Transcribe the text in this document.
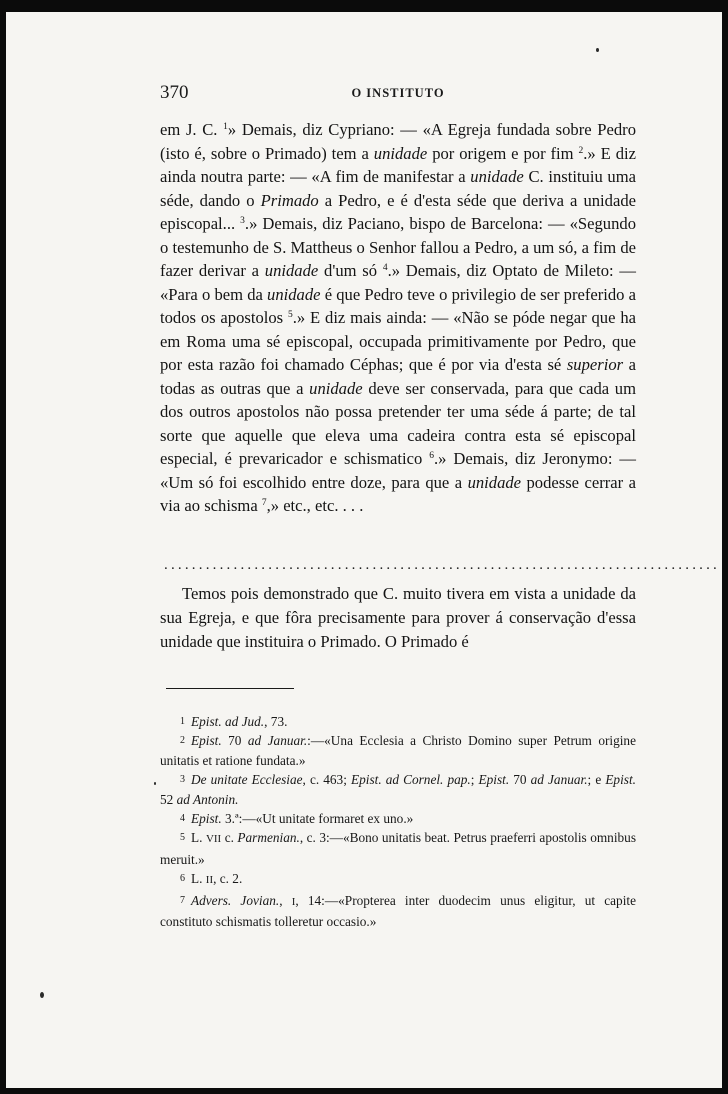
370	O INSTITUTO

em J. C. $^1$» Demais, diz Cypriano: — «A Egreja fundada sobre Pedro (isto é, sobre o Primado) tem a unidade por origem e por fim $^2$.» E diz ainda noutra parte: — «A fim de manifestar a unidade C. instituiu uma séde, dando o Primado a Pedro, e é d'esta séde que deriva a unidade episcopal... $^3$.» Demais, diz Paciano, bispo de Barcelona: — «Segundo o testemunho de S. Mattheus o Senhor fallou a Pedro, a um só, a fim de fazer derivar a unidade d'um só $^4$.» Demais, diz Optato de Mileto: — «Para o bem da unidade é que Pedro teve o privilegio de ser preferido a todos os apostolos $^5$.» E diz mais ainda: — «Não se póde negar que ha em Roma uma sé episcopal, occupada primitivamente por Pedro, que por esta razão foi chamado Céphas; que é por via d'esta sé superior a todas as outras que a unidade deve ser conservada, para que cada um dos outros apostolos não possa pretender ter uma séde á parte; de tal sorte que aquelle que eleva uma cadeira contra esta sé episcopal especial, é prevaricador e schismatico $^6$.» Demais, diz Jeronymo: — «Um só foi escolhido entre doze, para que a unidade podesse cerrar a via ao schisma $^7$,» etc., etc. . . .

................................................................................
Temos pois demonstrado que C. muito tivera em vista a unidade da sua Egreja, e que fôra precisamente para prover á conservação d'essa unidade que instituira o Primado. O Primado é

1 Epist. ad Jud., 73.

2 Epist. 70 ad Januar.:—«Una Ecclesia a Christo Domino super Petrum origine unitatis et ratione fundata.»

3 De unitate Ecclesiae, c. 463; Epist. ad Cornel. pap.; Epist. 70 ad Januar.; e Epist. 52 ad Antonin.

4 Epist. 3.ª:—«Ut unitate formaret ex uno.»

5 L. VII c. Parmenian., c. 3:—«Bono unitatis beat. Petrus praeferri apostolis omnibus meruit.»

6 L. II, c. 2.

7 Advers. Jovian., I, 14:—«Propterea inter duodecim unus eligitur, ut capite constituto schismatis tolleretur occasio.»
